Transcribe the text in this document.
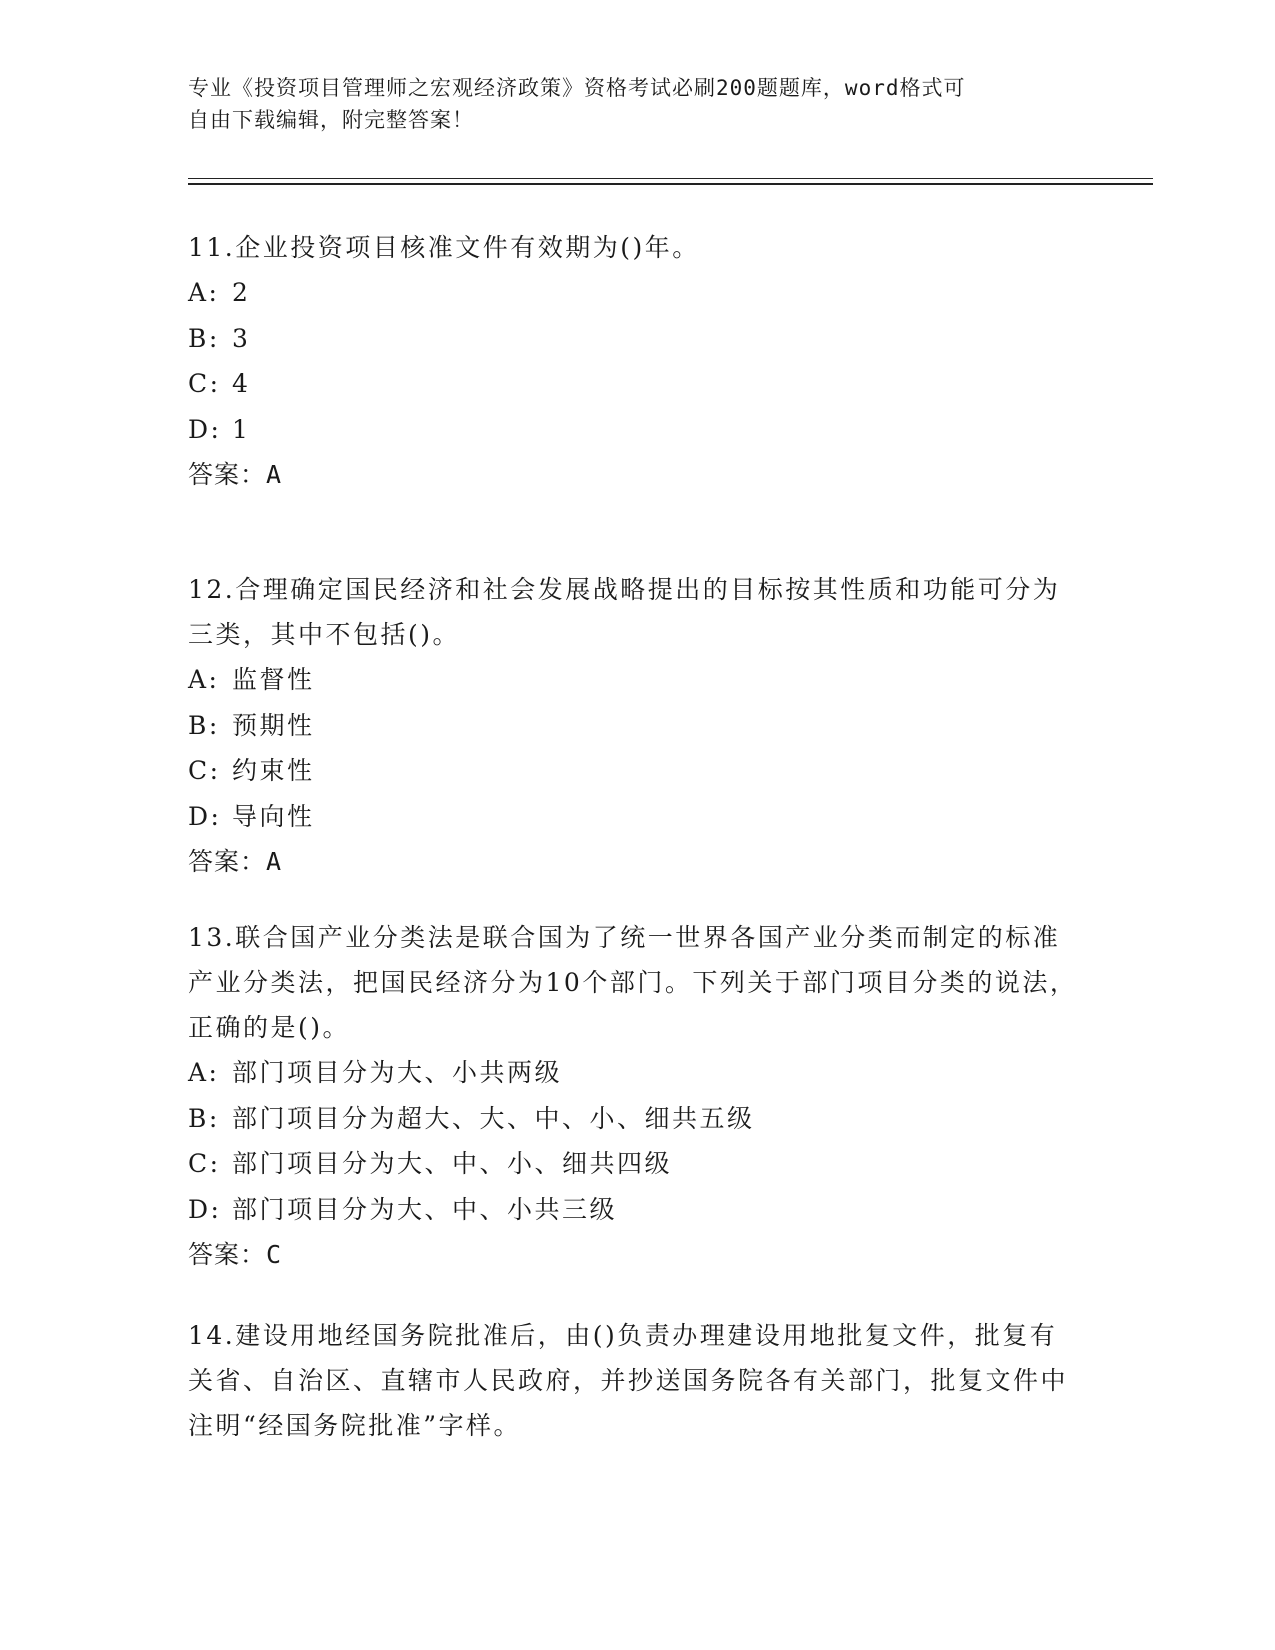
专业《投资项目管理师之宏观经济政策》资格考试必刷200题题库，word格式可
自由下载编辑，附完整答案！

11.企业投资项目核准文件有效期为()年。

A: 2

B: 3

C: 4

D: 1

答案：A

12.合理确定国民经济和社会发展战略提出的目标按其性质和功能可分为三类，其中不包括()。

A: 监督性

B: 预期性

C: 约束性

D: 导向性

答案：A

13.联合国产业分类法是联合国为了统一世界各国产业分类而制定的标准产业分类法，把国民经济分为10个部门。下列关于部门项目分类的说法，正确的是()。

A: 部门项目分为大、小共两级

B: 部门项目分为超大、大、中、小、细共五级

C: 部门项目分为大、中、小、细共四级

D: 部门项目分为大、中、小共三级

答案：C

14.建设用地经国务院批准后，由()负责办理建设用地批复文件，批复有关省、自治区、直辖市人民政府，并抄送国务院各有关部门，批复文件中注明“经国务院批准”字样。
